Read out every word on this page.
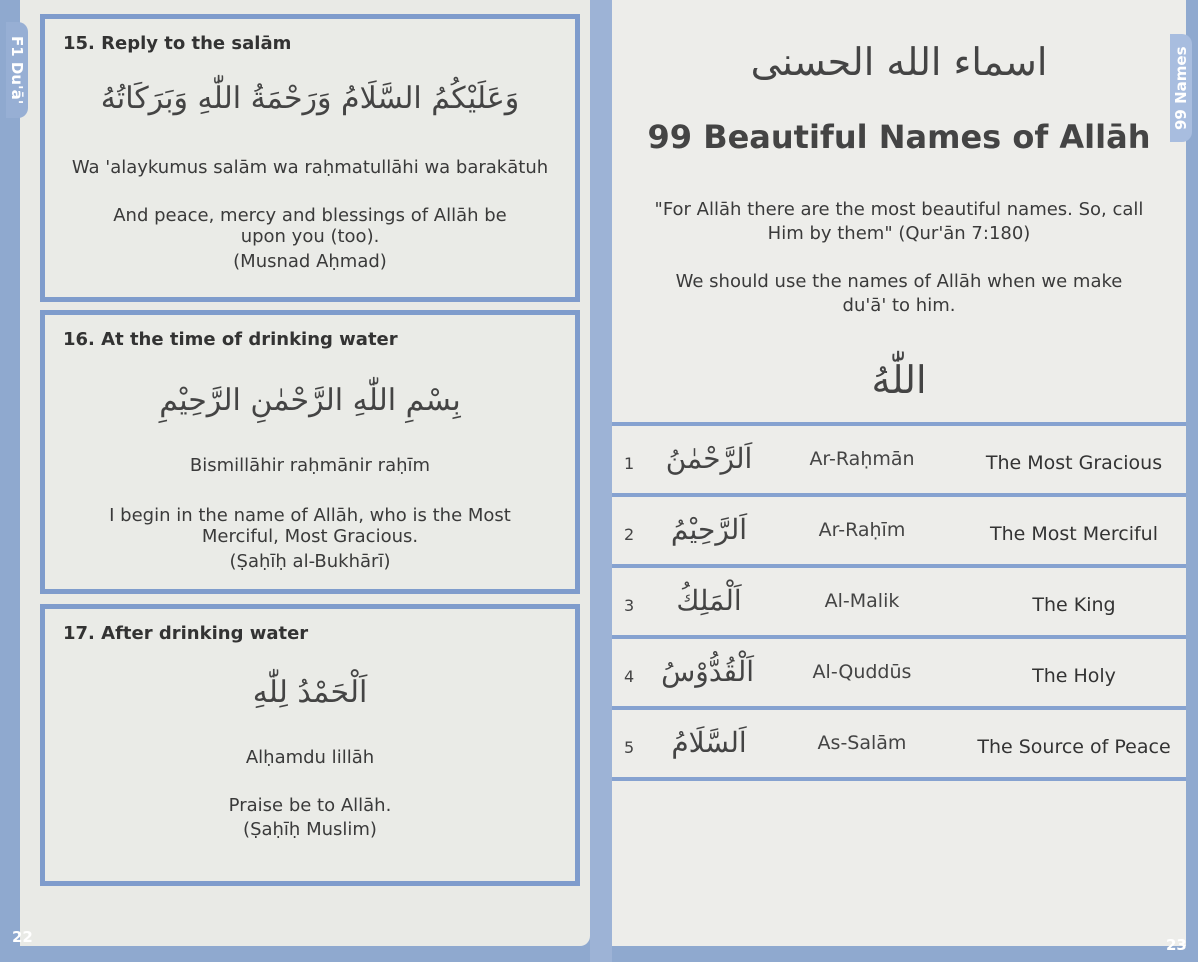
15. Reply to the salām
وَعَلَيْكُمُ السَّلَامُ وَرَحْمَةُ اللّٰهِ وَبَرَكَاتُهُ
Wa 'alaykumus salām wa raḥmatullāhi wa barakātuh
And peace, mercy and blessings of Allāh be upon you (too).
(Musnad Aḥmad)
16. At the time of drinking water
بِسْمِ اللّٰهِ الرَّحْمٰنِ الرَّحِيْمِ
Bismillāhir raḥmānir raḥīm
I begin in the name of Allāh, who is the Most Merciful, Most Gracious.
(Ṣaḥīḥ al-Bukhārī)
17. After drinking water
اَلْحَمْدُ لِلّٰهِ
Alḥamdu lillāh
Praise be to Allāh.
(Ṣaḥīḥ Muslim)
اسماء الله الحسنى
99 Beautiful Names of Allāh
"For Allāh there are the most beautiful names. So, call Him by them" (Qur'ān 7:180)
We should use the names of Allāh when we make du'ā' to him.
اللّٰهُ
1 اَلرَّحْمٰنُ	Ar-Raḥmān	The Most Gracious
2 اَلرَّحِيْمُ	Ar-Raḥīm	The Most Merciful
3	اَلْمَلِكُ	Al-Malik	The King
4 اَلْقُدُّوْسُ	Al-Quddūs	The Holy
5 اَلسَّلَامُ	As-Salām	The Source of Peace
F1 Du'ā'	99 Names
22	23
